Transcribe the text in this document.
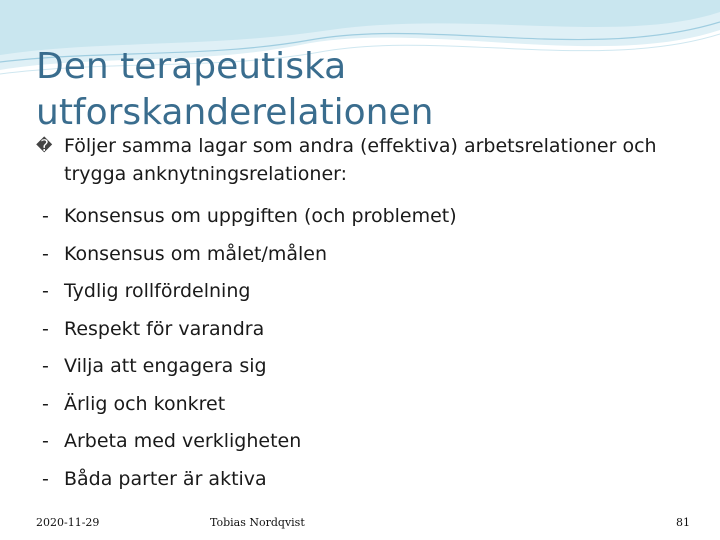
Den terapeutiska
utforskanderelationen
� Följer samma lagar som andra (effektiva) arbetsrelationer och trygga anknytningsrelationer:
- Konsensus om uppgiften (och problemet)
- Konsensus om målet/målen
- Tydlig rollfördelning
- Respekt för varandra
- Vilja att engagera sig
- Ärlig och konkret
- Arbeta med verkligheten
- Båda parter är aktiva
2020-11-29	Tobias Nordqvist	81
